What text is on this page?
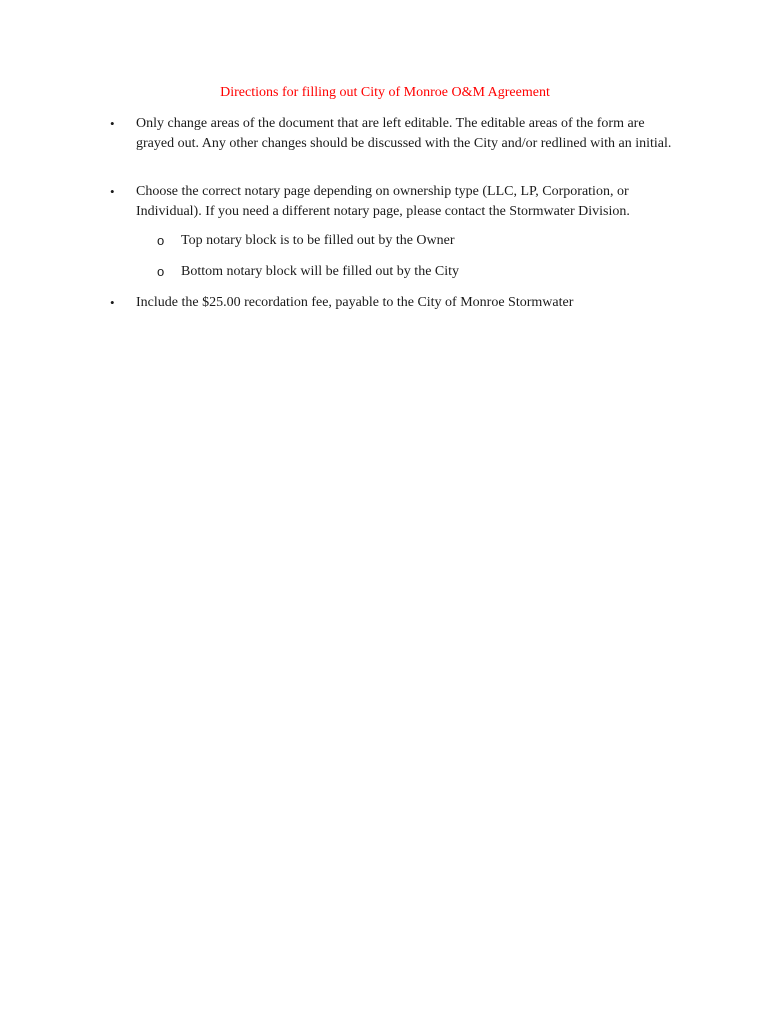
Directions for filling out City of Monroe O&M Agreement
• Only change areas of the document that are left editable. The editable areas of the form are grayed out. Any other changes should be discussed with the City and/or redlined with an initial.
• Choose the correct notary page depending on ownership type (LLC, LP, Corporation, or Individual). If you need a different notary page, please contact the Stormwater Division.
o Top notary block is to be filled out by the Owner
o Bottom notary block will be filled out by the City
• Include the $25.00 recordation fee, payable to the City of Monroe Stormwater
